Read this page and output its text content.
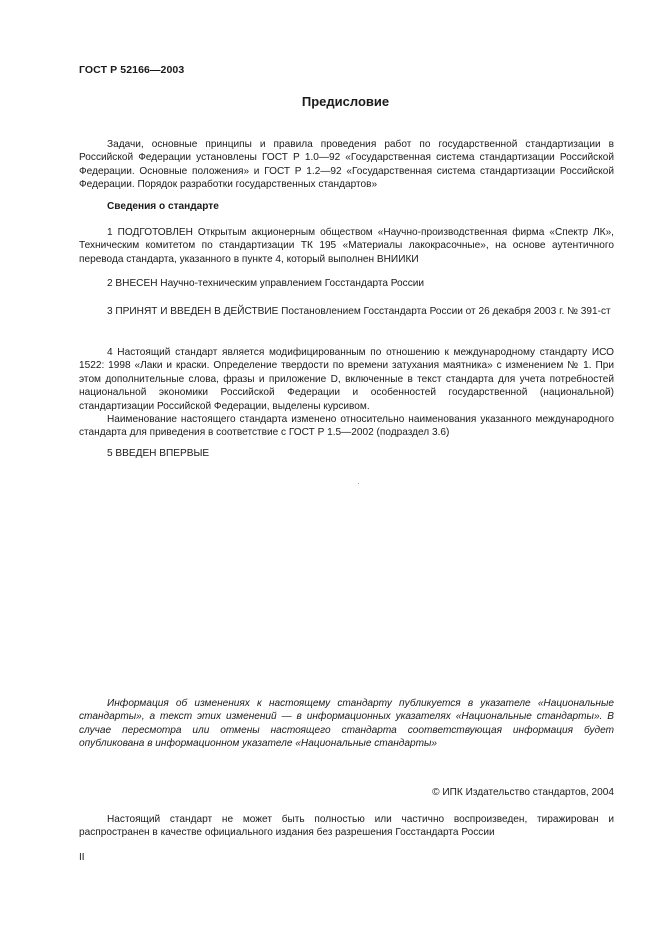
ГОСТ Р 52166—2003
Предисловие

Задачи, основные принципы и правила проведения работ по государственной стандартизации в Российской Федерации установлены ГОСТ Р 1.0—92 «Государственная система стандартизации Российской Федерации. Основные положения» и ГОСТ Р 1.2—92 «Государственная система стандартизации Российской Федерации. Порядок разработки государственных стандартов»

Сведения о стандарте

1 ПОДГОТОВЛЕН Открытым акционерным обществом «Научно-производственная фирма «Спектр ЛК», Техническим комитетом по стандартизации ТК 195 «Материалы лакокрасочные», на основе аутентичного перевода стандарта, указанного в пункте 4, который выполнен ВНИИКИ

2 ВНЕСЕН Научно-техническим управлением Госстандарта России

3 ПРИНЯТ И ВВЕДЕН В ДЕЙСТВИЕ Постановлением Госстандарта России от 26 декабря 2003 г. № 391-ст

4 Настоящий стандарт является модифицированным по отношению к международному стандарту ИСО 1522: 1998 «Лаки и краски. Определение твердости по времени затухания маятника» с изменением № 1. При этом дополнительные слова, фразы и приложение D, включенные в текст стандарта для учета потребностей национальной экономики Российской Федерации и особенностей государственной (национальной) стандартизации Российской Федерации, выделены курсивом.

Наименование настоящего стандарта изменено относительно наименования указанного международного стандарта для приведения в соответствие с ГОСТ Р 1.5—2002 (подраздел 3.6)

5 ВВЕДЕН ВПЕРВЫЕ

Информация об изменениях к настоящему стандарту публикуется в указателе «Национальные стандарты», а текст этих изменений — в информационных указателях «Национальные стандарты». В случае пересмотра или отмены настоящего стандарта соответствующая информация будет опубликована в информационном указателе «Национальные стандарты»

© ИПК Издательство стандартов, 2004

Настоящий стандарт не может быть полностью или частично воспроизведен, тиражирован и распространен в качестве официального издания без разрешения Госстандарта России

II
